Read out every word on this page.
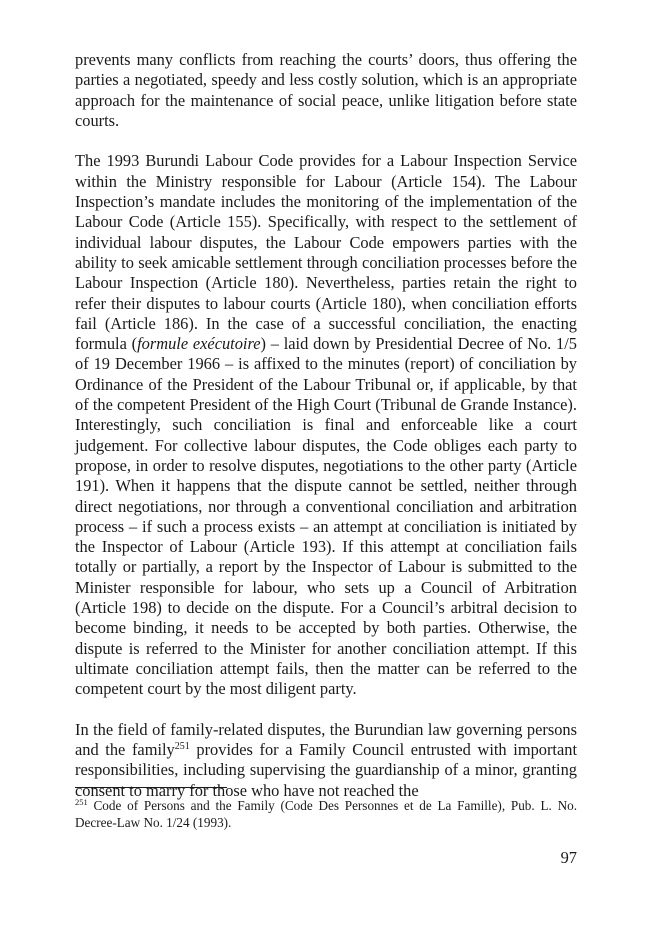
prevents many conflicts from reaching the courts’ doors, thus offering the parties a negotiated, speedy and less costly solution, which is an appropriate approach for the maintenance of social peace, unlike litigation before state courts.

The 1993 Burundi Labour Code provides for a Labour Inspection Service within the Ministry responsible for Labour (Article 154). The Labour Inspection’s mandate includes the monitoring of the implementation of the Labour Code (Article 155). Specifically, with respect to the settlement of individual labour disputes, the Labour Code empowers parties with the ability to seek amicable settlement through conciliation processes before the Labour Inspection (Article 180). Nevertheless, parties retain the right to refer their disputes to labour courts (Article 180), when conciliation efforts fail (Article 186). In the case of a successful conciliation, the enacting formula (formule exécutoire) – laid down by Presidential Decree of No. 1/5 of 19 December 1966 – is affixed to the minutes (report) of conciliation by Ordinance of the President of the Labour Tribunal or, if applicable, by that of the competent President of the High Court (Tribunal de Grande Instance). Interestingly, such conciliation is final and enforceable like a court judgement. For collective labour disputes, the Code obliges each party to propose, in order to resolve disputes, negotiations to the other party (Article 191). When it happens that the dispute cannot be settled, neither through direct negotiations, nor through a conventional conciliation and arbitration process – if such a process exists – an attempt at conciliation is initiated by the Inspector of Labour (Article 193). If this attempt at conciliation fails totally or partially, a report by the Inspector of Labour is submitted to the Minister responsible for labour, who sets up a Council of Arbitration (Article 198) to decide on the dispute. For a Council’s arbitral decision to become binding, it needs to be accepted by both parties. Otherwise, the dispute is referred to the Minister for another conciliation attempt. If this ultimate conciliation attempt fails, then the matter can be referred to the competent court by the most diligent party.

In the field of family-related disputes, the Burundian law governing persons and the family$^{251}$ provides for a Family Council entrusted with important responsibilities, including supervising the guardianship of a minor, granting consent to marry for those who have not reached the

$^{251}$ Code of Persons and the Family (Code Des Personnes et de La Famille), Pub. L. No. Decree-Law No. 1/24 (1993).

97
